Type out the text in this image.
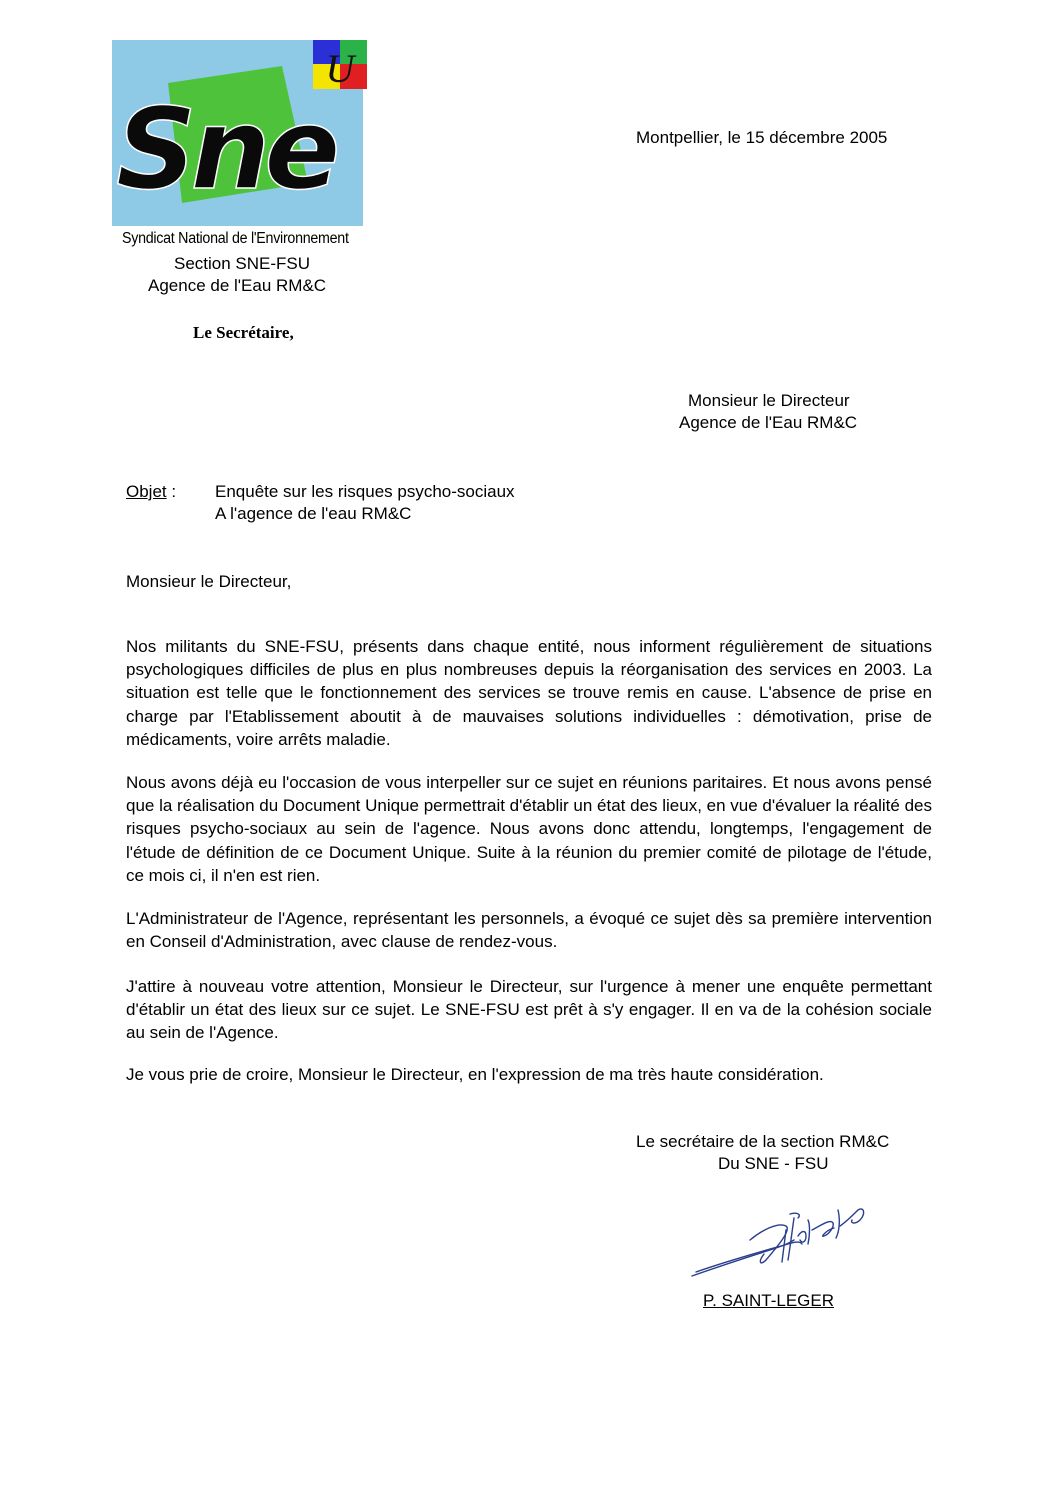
U
Sne
Syndicat National de l'Environnement
Section SNE-FSU
Agence de l'Eau RM&C
Le Secrétaire,
Montpellier, le 15 décembre 2005
Monsieur le Directeur
Agence de l'Eau RM&C
Objet : Enquête sur les risques psycho-sociaux
A l'agence de l'eau RM&C
Monsieur le Directeur,
Nos militants du SNE-FSU, présents dans chaque entité, nous informent régulièrement de situations psychologiques difficiles de plus en plus nombreuses depuis la réorganisation des services en 2003. La situation est telle que le fonctionnement des services se trouve remis en cause. L'absence de prise en charge par l'Etablissement aboutit à de mauvaises solutions individuelles : démotivation, prise de médicaments, voire arrêts maladie.
Nous avons déjà eu l'occasion de vous interpeller sur ce sujet en réunions paritaires. Et nous avons pensé que la réalisation du Document Unique permettrait d'établir un état des lieux, en vue d'évaluer la réalité des risques psycho-sociaux au sein de l'agence. Nous avons donc attendu, longtemps, l'engagement de l'étude de définition de ce Document Unique. Suite à la réunion du premier comité de pilotage de l'étude, ce mois ci, il n'en est rien.
L'Administrateur de l'Agence, représentant les personnels, a évoqué ce sujet dès sa première intervention en Conseil d'Administration, avec clause de rendez-vous.
J'attire à nouveau votre attention, Monsieur le Directeur, sur l'urgence à mener une enquête permettant d'établir un état des lieux sur ce sujet. Le SNE-FSU est prêt à s'y engager. Il en va de la cohésion sociale au sein de l'Agence.
Je vous prie de croire, Monsieur le Directeur, en l'expression de ma très haute considération.
Le secrétaire de la section RM&C
Du SNE - FSU
P. SAINT-LEGER
